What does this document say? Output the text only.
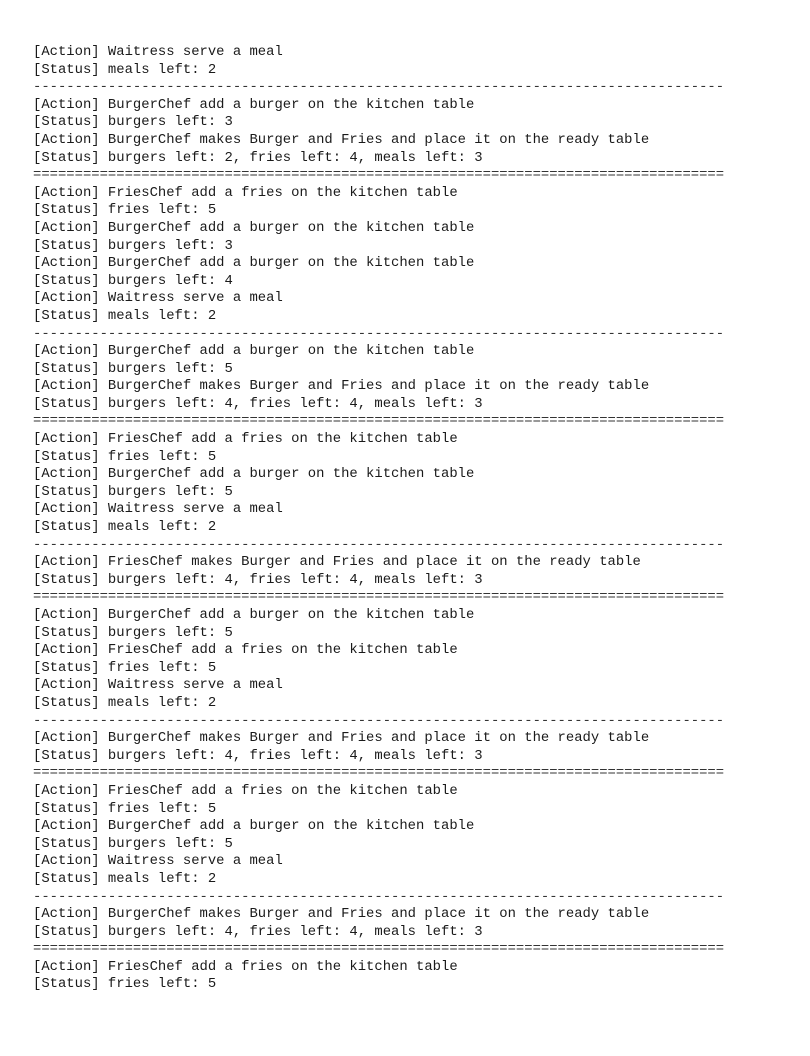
[Action] Waitress serve a meal
[Status] meals left: 2
-----------------------------------------------------------------------------------
[Action] BurgerChef add a burger on the kitchen table
[Status] burgers left: 3
[Action] BurgerChef makes Burger and Fries and place it on the ready table
[Status] burgers left: 2, fries left: 4, meals left: 3
===================================================================================
[Action] FriesChef add a fries on the kitchen table
[Status] fries left: 5
[Action] BurgerChef add a burger on the kitchen table
[Status] burgers left: 3
[Action] BurgerChef add a burger on the kitchen table
[Status] burgers left: 4
[Action] Waitress serve a meal
[Status] meals left: 2
-----------------------------------------------------------------------------------
[Action] BurgerChef add a burger on the kitchen table
[Status] burgers left: 5
[Action] BurgerChef makes Burger and Fries and place it on the ready table
[Status] burgers left: 4, fries left: 4, meals left: 3
===================================================================================
[Action] FriesChef add a fries on the kitchen table
[Status] fries left: 5
[Action] BurgerChef add a burger on the kitchen table
[Status] burgers left: 5
[Action] Waitress serve a meal
[Status] meals left: 2
-----------------------------------------------------------------------------------
[Action] FriesChef makes Burger and Fries and place it on the ready table
[Status] burgers left: 4, fries left: 4, meals left: 3
===================================================================================
[Action] BurgerChef add a burger on the kitchen table
[Status] burgers left: 5
[Action] FriesChef add a fries on the kitchen table
[Status] fries left: 5
[Action] Waitress serve a meal
[Status] meals left: 2
-----------------------------------------------------------------------------------
[Action] BurgerChef makes Burger and Fries and place it on the ready table
[Status] burgers left: 4, fries left: 4, meals left: 3
===================================================================================
[Action] FriesChef add a fries on the kitchen table
[Status] fries left: 5
[Action] BurgerChef add a burger on the kitchen table
[Status] burgers left: 5
[Action] Waitress serve a meal
[Status] meals left: 2
-----------------------------------------------------------------------------------
[Action] BurgerChef makes Burger and Fries and place it on the ready table
[Status] burgers left: 4, fries left: 4, meals left: 3
===================================================================================
[Action] FriesChef add a fries on the kitchen table
[Status] fries left: 5
